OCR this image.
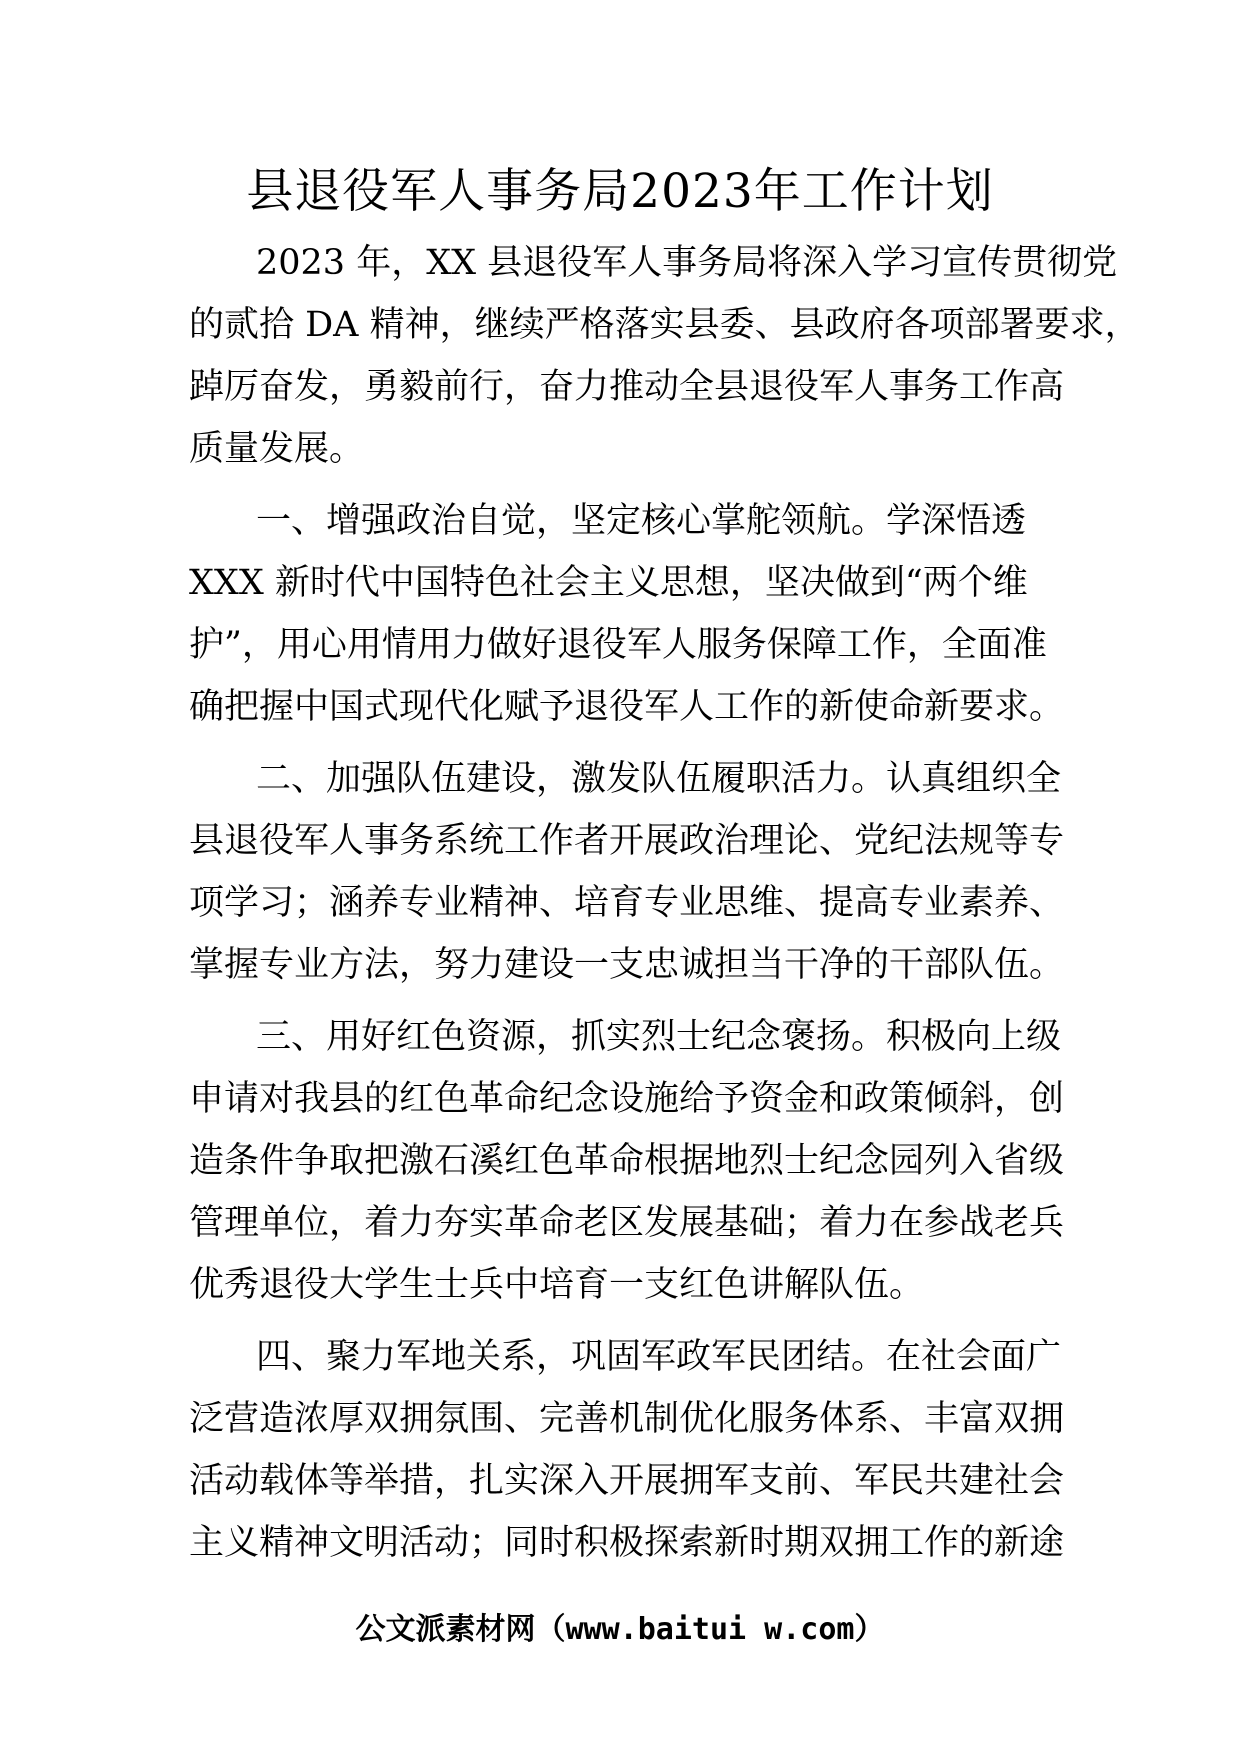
县退役军人事务局2023年工作计划
2023 年，XX 县退役军人事务局将深入学习宣传贯彻党
的贰拾 DA 精神，继续严格落实县委、县政府各项部署要求，
踔厉奋发，勇毅前行，奋力推动全县退役军人事务工作高
质量发展。
一、增强政治自觉，坚定核心掌舵领航。学深悟透
XXX 新时代中国特色社会主义思想，坚决做到“两个维
护”，用心用情用力做好退役军人服务保障工作，全面准
确把握中国式现代化赋予退役军人工作的新使命新要求。
二、加强队伍建设，激发队伍履职活力。认真组织全
县退役军人事务系统工作者开展政治理论、党纪法规等专
项学习；涵养专业精神、培育专业思维、提高专业素养、
掌握专业方法，努力建设一支忠诚担当干净的干部队伍。
三、用好红色资源，抓实烈士纪念褒扬。积极向上级
申请对我县的红色革命纪念设施给予资金和政策倾斜，创
造条件争取把激石溪红色革命根据地烈士纪念园列入省级
管理单位，着力夯实革命老区发展基础；着力在参战老兵
优秀退役大学生士兵中培育一支红色讲解队伍。
四、聚力军地关系，巩固军政军民团结。在社会面广
泛营造浓厚双拥氛围、完善机制优化服务体系、丰富双拥
活动载体等举措，扎实深入开展拥军支前、军民共建社会
主义精神文明活动；同时积极探索新时期双拥工作的新途
公文派素材网（www.baitui w.com）
